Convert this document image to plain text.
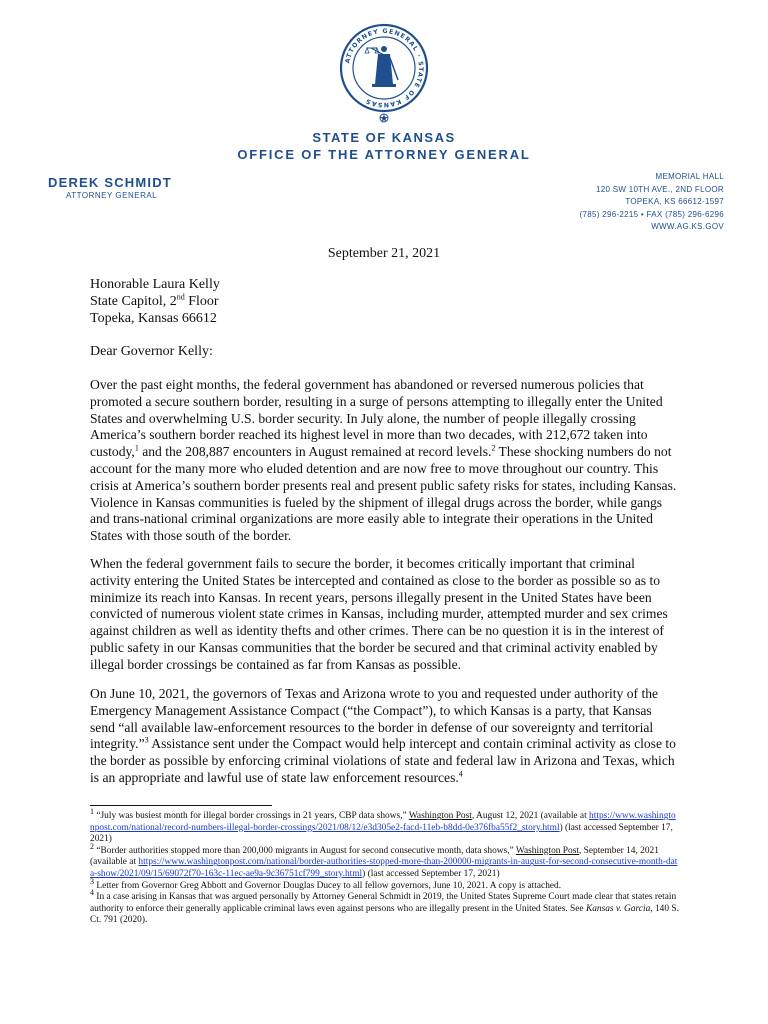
ATTORNEY GENERAL · STATE OF KANSAS
STATE OF KANSAS
OFFICE OF THE ATTORNEY GENERAL
DEREK SCHMIDT
ATTORNEY GENERAL
MEMORIAL HALL
120 SW 10TH AVE., 2ND FLOOR
TOPEKA, KS 66612-1597
(785) 296-2215 • FAX (785) 296-6296
WWW.AG.KS.GOV
September 21, 2021
Honorable Laura Kelly
State Capitol, 2nd Floor
Topeka, Kansas 66612
Dear Governor Kelly:

Over the past eight months, the federal government has abandoned or reversed numerous policies that promoted a secure southern border, resulting in a surge of persons attempting to illegally enter the United States and overwhelming U.S. border security. In July alone, the number of people illegally crossing America’s southern border reached its highest level in more than two decades, with 212,672 taken into custody,$^1$ and the 208,887 encounters in August remained at record levels.$^2$ These shocking numbers do not account for the many more who eluded detention and are now free to move throughout our country. This crisis at America’s southern border presents real and present public safety risks for states, including Kansas. Violence in Kansas communities is fueled by the shipment of illegal drugs across the border, while gangs and trans-national criminal organizations are more easily able to integrate their operations in the United States with those south of the border.

When the federal government fails to secure the border, it becomes critically important that criminal activity entering the United States be intercepted and contained as close to the border as possible so as to minimize its reach into Kansas. In recent years, persons illegally present in the United States have been convicted of numerous violent state crimes in Kansas, including murder, attempted murder and sex crimes against children as well as identity thefts and other crimes. There can be no question it is in the interest of public safety in our Kansas communities that the border be secured and that criminal activity enabled by illegal border crossings be contained as far from Kansas as possible.

On June 10, 2021, the governors of Texas and Arizona wrote to you and requested under authority of the Emergency Management Assistance Compact (“the Compact”), to which Kansas is a party, that Kansas send “all available law-enforcement resources to the border in defense of our sovereignty and territorial integrity.”$^3$ Assistance sent under the Compact would help intercept and contain criminal activity as close to the border as possible by enforcing criminal violations of state and federal law in Arizona and Texas, which is an appropriate and lawful use of state law enforcement resources.$^4$

$^1$ “July was busiest month for illegal border crossings in 21 years, CBP data shows,” Washington Post, August 12, 2021 (available at https://www.washingtonpost.com/national/record-numbers-illegal-border-crossings/2021/08/12/e3d305e2-facd-11eb-b8dd-0e376fba55f2_story.html) (last accessed September 17, 2021)

$^2$ “Border authorities stopped more than 200,000 migrants in August for second consecutive month, data shows,” Washington Post, September 14, 2021 (available at https://www.washingtonpost.com/national/border-authorities-stopped-more-than-200000-migrants-in-august-for-second-consecutive-month-data-show/2021/09/15/69072f70-163c-11ec-ae9a-9c36751cf799_story.html) (last accessed September 17, 2021)

$^3$ Letter from Governor Greg Abbott and Governor Douglas Ducey to all fellow governors, June 10, 2021. A copy is attached.

$^4$ In a case arising in Kansas that was argued personally by Attorney General Schmidt in 2019, the United States Supreme Court made clear that states retain authority to enforce their generally applicable criminal laws even against persons who are illegally present in the United States. See Kansas v. Garcia, 140 S. Ct. 791 (2020).
